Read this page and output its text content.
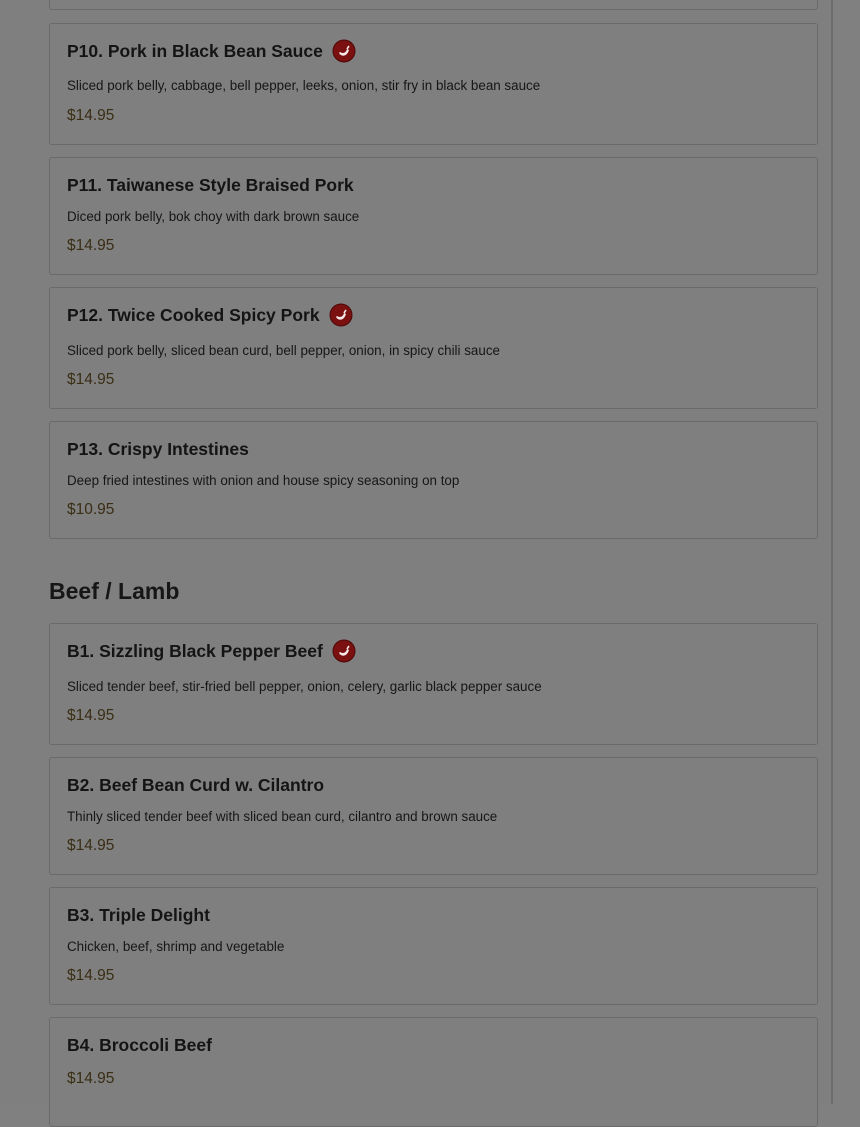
P10. Pork in Black Bean Sauce
Sliced pork belly, cabbage, bell pepper, leeks, onion, stir fry in black bean sauce
$14.95
P11. Taiwanese Style Braised Pork
Diced pork belly, bok choy with dark brown sauce
$14.95
P12. Twice Cooked Spicy Pork
Sliced pork belly, sliced bean curd, bell pepper, onion, in spicy chili sauce
$14.95
P13. Crispy Intestines
Deep fried intestines with onion and house spicy seasoning on top
$10.95
Beef / Lamb
B1. Sizzling Black Pepper Beef
Sliced tender beef, stir-fried bell pepper, onion, celery, garlic black pepper sauce
$14.95
B2. Beef Bean Curd w. Cilantro
Thinly sliced tender beef with sliced bean curd, cilantro and brown sauce
$14.95
B3. Triple Delight
Chicken, beef, shrimp and vegetable
$14.95
B4. Broccoli Beef
$14.95
